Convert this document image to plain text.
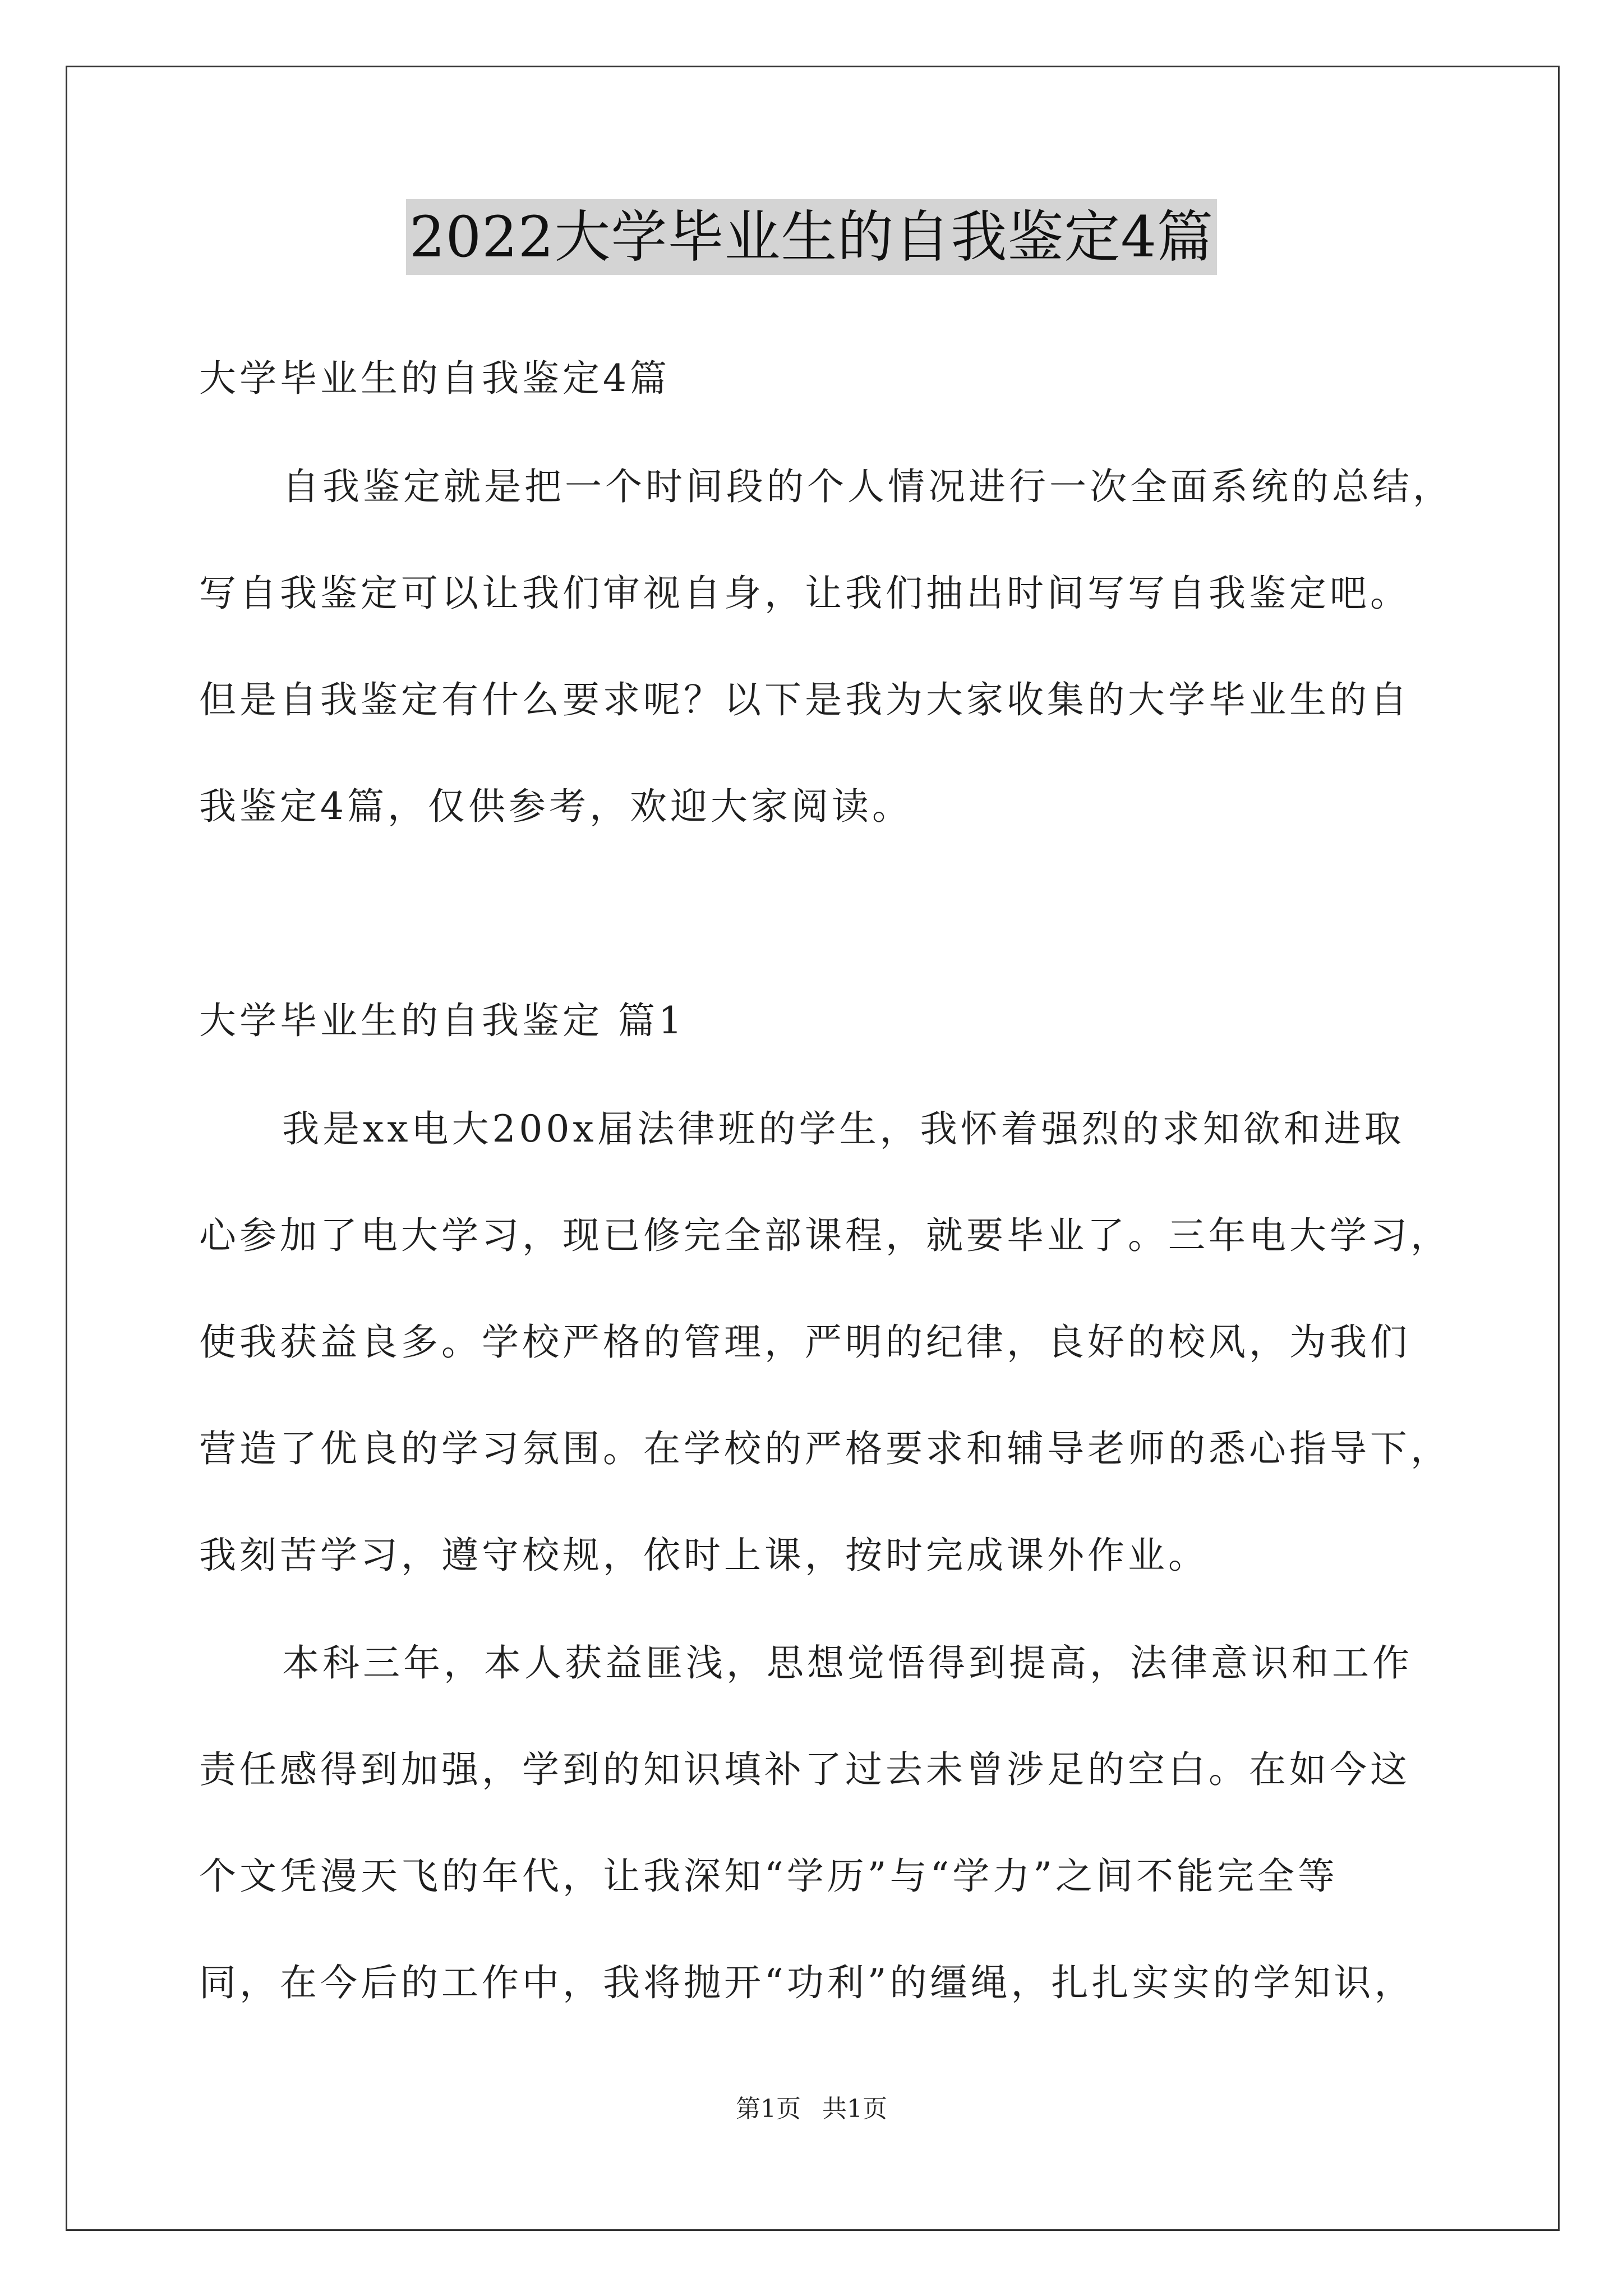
2022大学毕业生的自我鉴定4篇
大学毕业生的自我鉴定4篇
自我鉴定就是把一个时间段的个人情况进行一次全面系统的总结，
写自我鉴定可以让我们审视自身，让我们抽出时间写写自我鉴定吧。
但是自我鉴定有什么要求呢？以下是我为大家收集的大学毕业生的自
我鉴定4篇，仅供参考，欢迎大家阅读。
大学毕业生的自我鉴定 篇1
我是xx电大200x届法律班的学生，我怀着强烈的求知欲和进取
心参加了电大学习，现已修完全部课程，就要毕业了。三年电大学习，
使我获益良多。学校严格的管理，严明的纪律，良好的校风，为我们
营造了优良的学习氛围。在学校的严格要求和辅导老师的悉心指导下，
我刻苦学习，遵守校规，依时上课，按时完成课外作业。
本科三年，本人获益匪浅，思想觉悟得到提高，法律意识和工作
责任感得到加强，学到的知识填补了过去未曾涉足的空白。在如今这
个文凭漫天飞的年代，让我深知“学历”与“学力”之间不能完全等
同，在今后的工作中，我将抛开“功利”的缰绳，扎扎实实的学知识，
第1页 共1页
